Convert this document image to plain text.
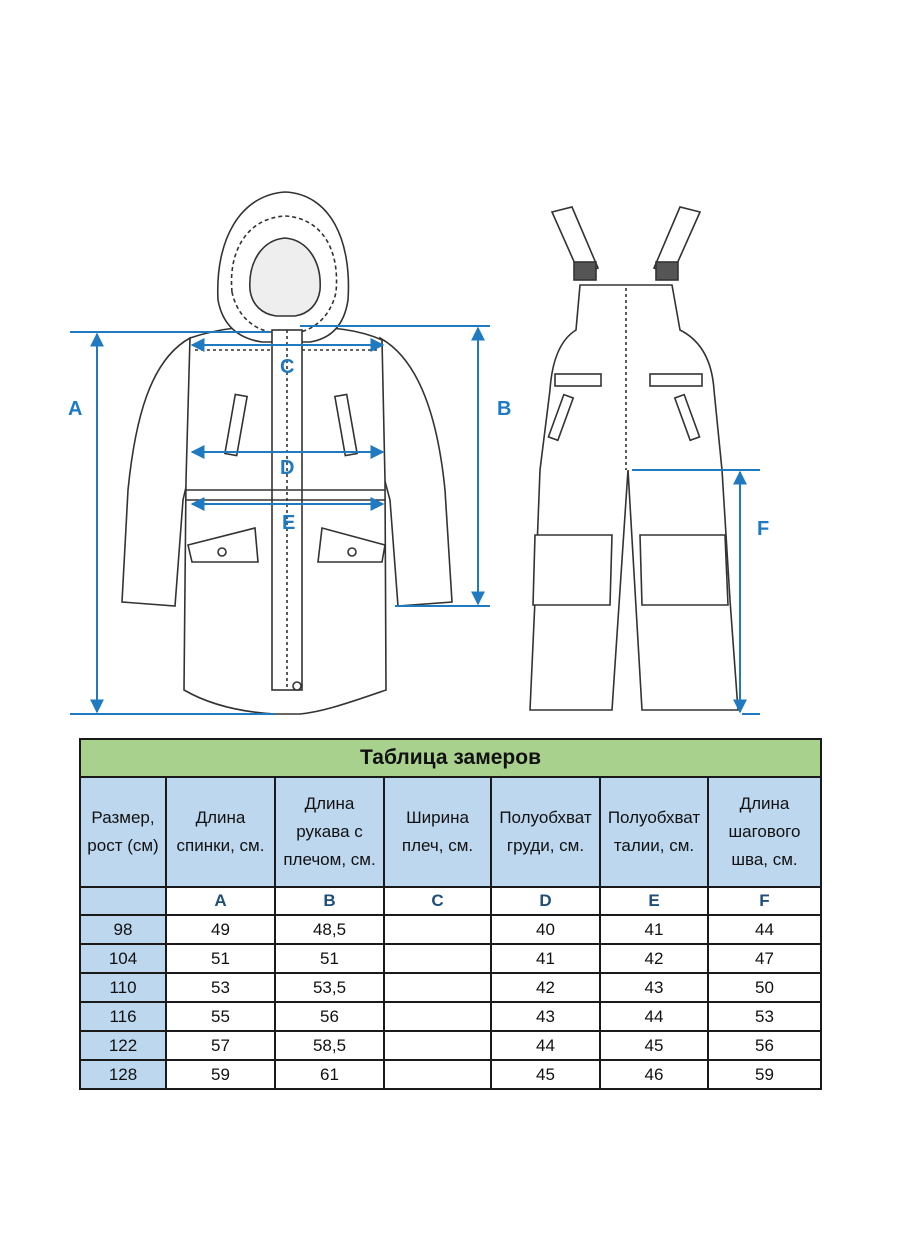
A	B
C
D
E	F
Таблица замеров						
Размер, рост (см)	Длина спинки, см.	Длина рукава с плечом, см.	Ширина плеч, см.	Полуобхват груди, см.	Полуобхват талии, см.	Длина шагового шва, см.
	A	B	C	D	E	F
98	49	48,5		40	41	44
104	51	51		41	42	47
110	53	53,5		42	43	50
116	55	56		43	44	53
122	57	58,5		44	45	56
128	59	61		45	46	59
